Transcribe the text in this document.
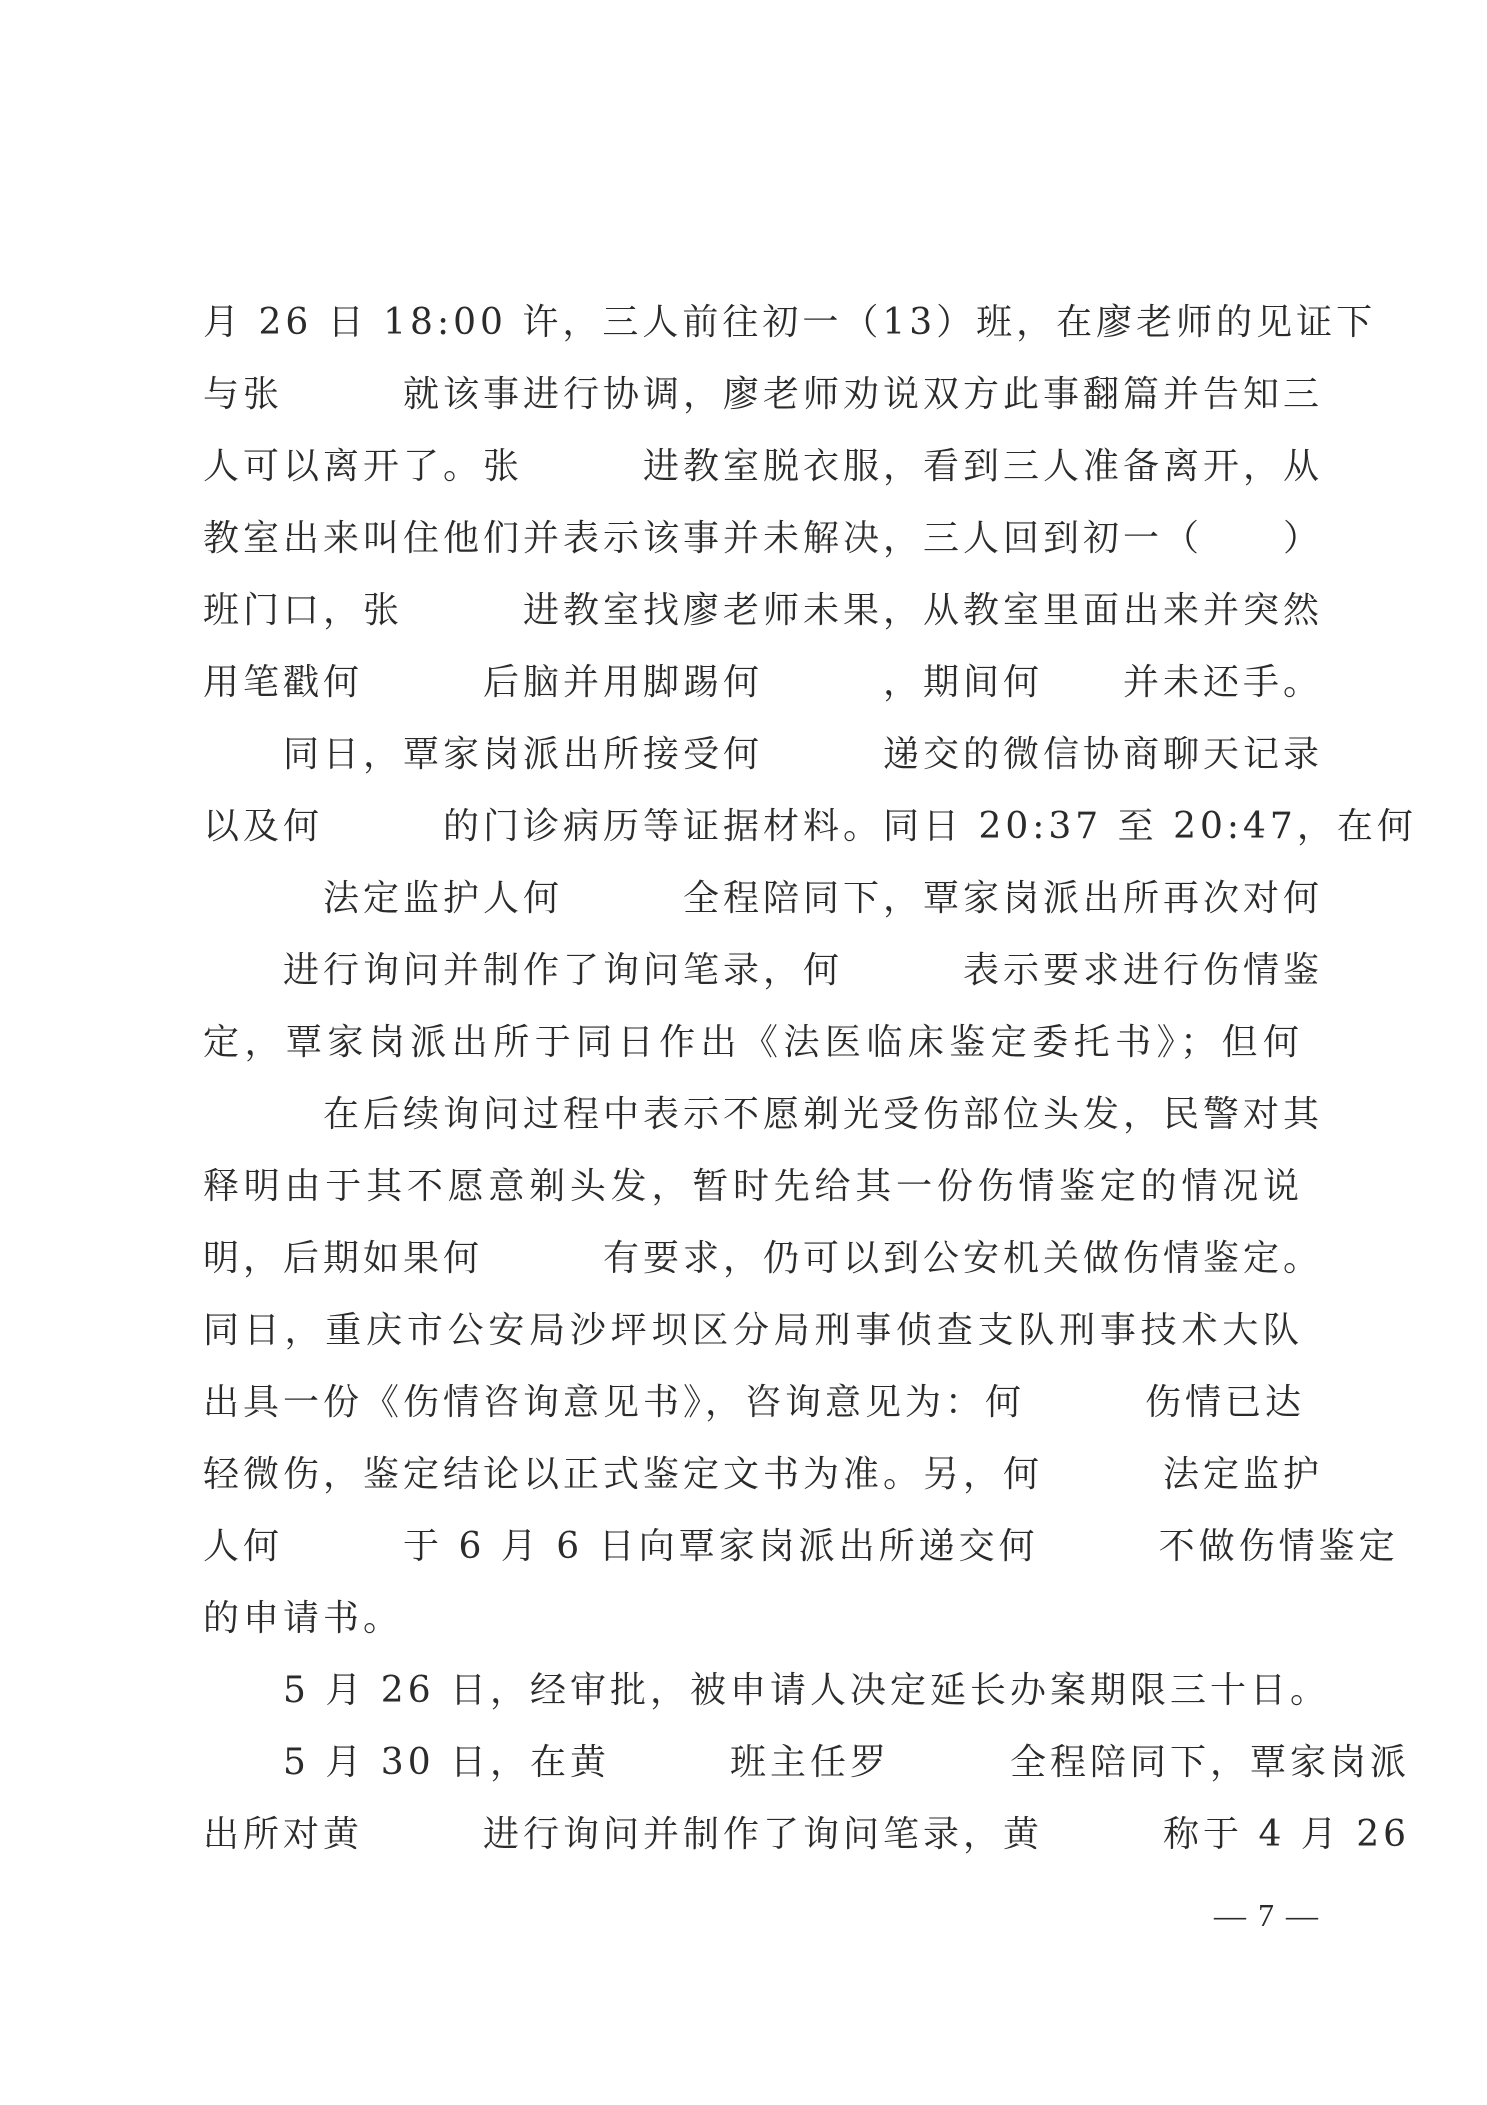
月 26 日 18:00 许，三人前往初一（13）班，在廖老师的见证下
与张　　　就该事进行协调，廖老师劝说双方此事翻篇并告知三
人可以离开了。张　　　进教室脱衣服，看到三人准备离开，从
教室出来叫住他们并表示该事并未解决，三人回到初一（　　）
班门口，张　　　进教室找廖老师未果，从教室里面出来并突然
用笔戳何　　　后脑并用脚踢何　　　，期间何　　并未还手。
　　同日，覃家岗派出所接受何　　　递交的微信协商聊天记录
以及何　　　的门诊病历等证据材料。同日 20:37 至 20:47，在何
　　　法定监护人何　　　全程陪同下，覃家岗派出所再次对何
　　进行询问并制作了询问笔录，何　　　表示要求进行伤情鉴
定，覃家岗派出所于同日作出《法医临床鉴定委托书》；但何
　　　在后续询问过程中表示不愿剃光受伤部位头发，民警对其
释明由于其不愿意剃头发，暂时先给其一份伤情鉴定的情况说
明，后期如果何　　　有要求，仍可以到公安机关做伤情鉴定。
同日，重庆市公安局沙坪坝区分局刑事侦查支队刑事技术大队
出具一份《伤情咨询意见书》，咨询意见为：何　　　伤情已达
轻微伤，鉴定结论以正式鉴定文书为准。另，何　　　法定监护
人何　　　于 6 月 6 日向覃家岗派出所递交何　　　不做伤情鉴定
的申请书。
　　5 月 26 日，经审批，被申请人决定延长办案期限三十日。
　　5 月 30 日，在黄　　　班主任罗　　　全程陪同下，覃家岗派
出所对黄　　　进行询问并制作了询问笔录，黄　　　称于 4 月 26
— 7 —
